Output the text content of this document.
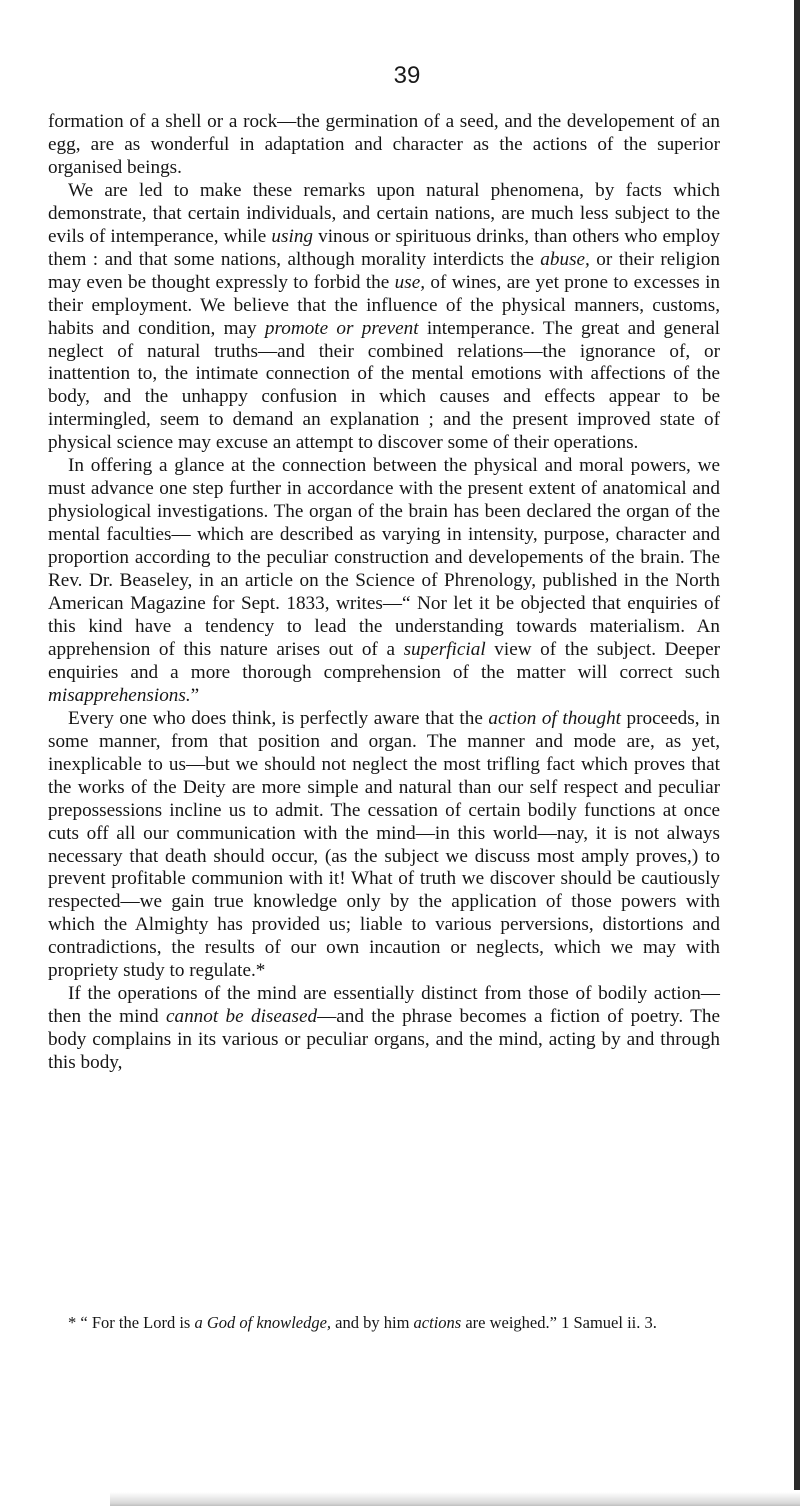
39

formation of a shell or a rock—the germination of a seed, and the developement of an egg, are as wonderful in adaptation and character as the actions of the superior organised beings.

We are led to make these remarks upon natural phenomena, by facts which demonstrate, that certain individuals, and certain nations, are much less subject to the evils of intemperance, while using vinous or spirituous drinks, than others who employ them : and that some nations, although morality interdicts the abuse, or their religion may even be thought expressly to forbid the use, of wines, are yet prone to excesses in their employment. We believe that the influence of the physical manners, customs, habits and condition, may promote or prevent intemperance. The great and general neglect of natural truths—and their combined relations—the ignorance of, or inattention to, the intimate connection of the mental emotions with affections of the body, and the unhappy confusion in which causes and effects appear to be intermingled, seem to demand an explanation ; and the present improved state of physical science may excuse an attempt to discover some of their operations.

In offering a glance at the connection between the physical and moral powers, we must advance one step further in accordance with the present extent of anatomical and physiological investigations. The organ of the brain has been declared the organ of the mental faculties— which are described as varying in intensity, purpose, character and proportion according to the peculiar construction and developements of the brain. The Rev. Dr. Beaseley, in an article on the Science of Phrenology, published in the North American Magazine for Sept. 1833, writes—“ Nor let it be objected that enquiries of this kind have a tendency to lead the understanding towards materialism. An apprehension of this nature arises out of a superficial view of the subject. Deeper enquiries and a more thorough comprehension of the matter will correct such misapprehensions.”

Every one who does think, is perfectly aware that the action of thought proceeds, in some manner, from that position and organ. The manner and mode are, as yet, inexplicable to us—but we should not neglect the most trifling fact which proves that the works of the Deity are more simple and natural than our self respect and peculiar prepossessions incline us to admit. The cessation of certain bodily functions at once cuts off all our communication with the mind—in this world—nay, it is not always necessary that death should occur, (as the subject we discuss most amply proves,) to prevent profitable communion with it! What of truth we discover should be cautiously respected—we gain true knowledge only by the application of those powers with which the Almighty has provided us; liable to various perversions, distortions and contradictions, the results of our own incaution or neglects, which we may with propriety study to regulate.*

If the operations of the mind are essentially distinct from those of bodily action—then the mind cannot be diseased—and the phrase becomes a fiction of poetry. The body complains in its various or peculiar organs, and the mind, acting by and through this body,

* “ For the Lord is a God of knowledge, and by him actions are weighed.” 1 Samuel ii. 3.
